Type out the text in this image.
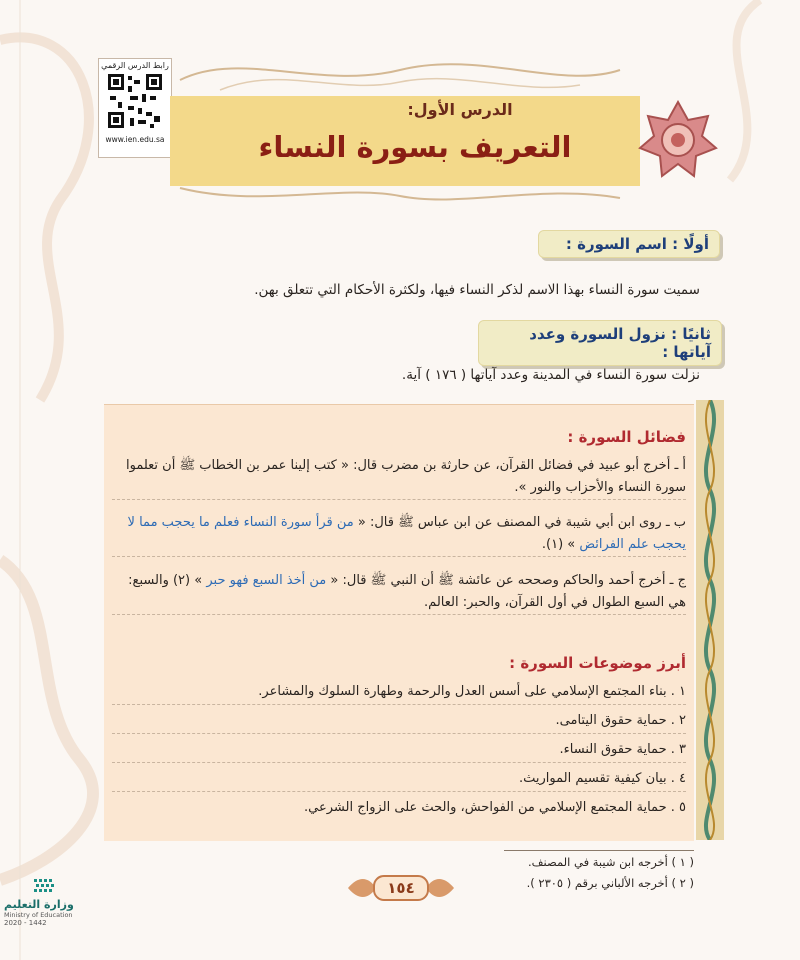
رابط الدرس الرقمي
www.ien.edu.sa
الدرس الأول:
التعريف بسورة النساء
أولًا : اسم السورة :
سميت سورة النساء بهذا الاسم لذكر النساء فيها، ولكثرة الأحكام التي تتعلق بهن.
ثانيًا : نزول السورة وعدد آياتها :
نزلت سورة النساء في المدينة وعدد آياتها ( ١٧٦ ) آية.
فضائل السورة :
أ ـ أخرج أبو عبيد في فضائل القرآن، عن حارثة بن مضرب قال: « كتب إلينا عمر بن الخطاب ﷺ أن تعلموا
سورة النساء والأحزاب والنور ».
ب ـ روى ابن أبي شيبة في المصنف عن ابن عباس ﷺ قال: « من قرأ سورة النساء فعلم ما يحجب مما لا
يحجب علم الفرائض » (١).
ج ـ أخرج أحمد والحاكم وصححه عن عائشة ﷺ أن النبي ﷺ قال: « من أخذ السبع فهو حبر » (٢) والسبع:
هي السبع الطوال في أول القرآن، والحبر: العالم.
أبرز موضوعات السورة :
١ . بناء المجتمع الإسلامي على أسس العدل والرحمة وطهارة السلوك والمشاعر.
٢ . حماية حقوق اليتامى.
٣ . حماية حقوق النساء.
٤ . بيان كيفية تقسيم المواريث.
٥ . حماية المجتمع الإسلامي من الفواحش، والحث على الزواج الشرعي.
( ١ ) أخرجه ابن شيبة في المصنف.
( ٢ ) أخرجه الألباني برقم ( ٢٣٠٥ ).
١٥٤
وزارة التعليم
Ministry of Education
2020 - 1442
